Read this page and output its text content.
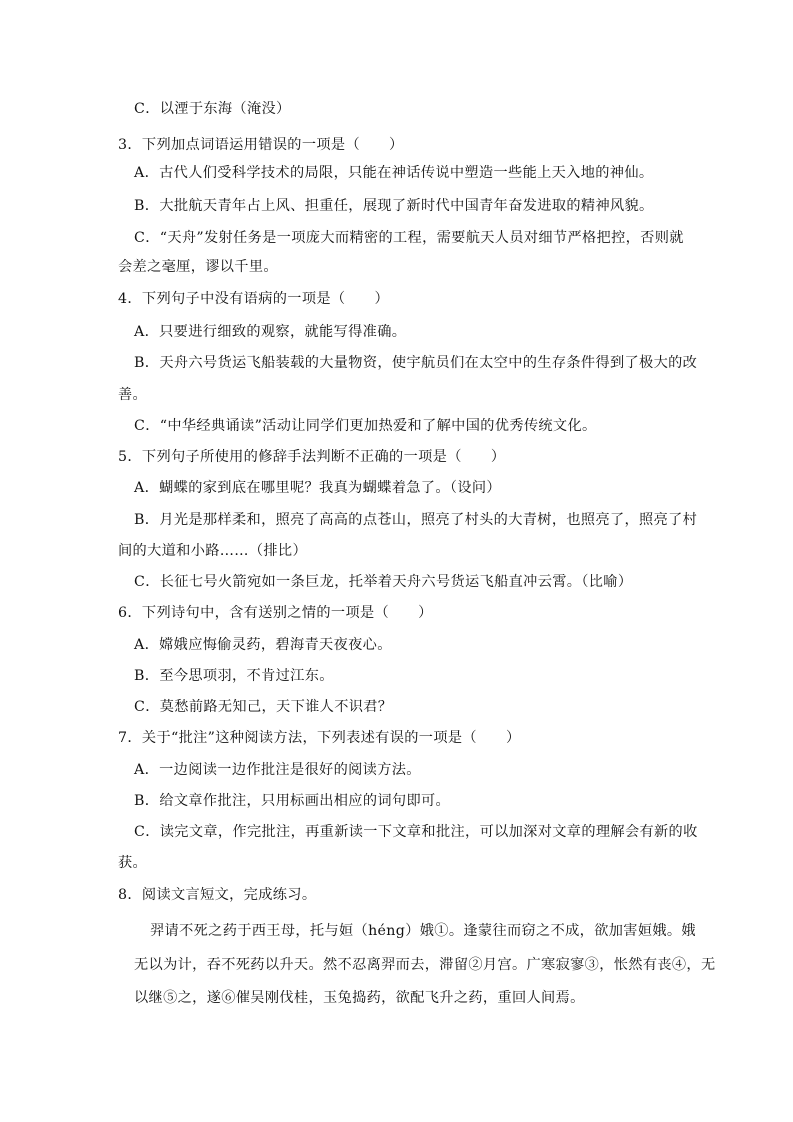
C．以湮于东海（淹没）
3．下列加点词语运用错误的一项是（　　）
A．古代人们受科学技术的局限，只能在神话传说中塑造一些能上天入地的神仙。
B．大批航天青年占上风、担重任，展现了新时代中国青年奋发进取的精神风貌。
C．“天舟”发射任务是一项庞大而精密的工程，需要航天人员对细节严格把控，否则就
会差之毫厘，谬以千里。
4．下列句子中没有语病的一项是（　　）
A．只要进行细致的观察，就能写得准确。
B．天舟六号货运飞船装载的大量物资，使宇航员们在太空中的生存条件得到了极大的改
善。
C．“中华经典诵读”活动让同学们更加热爱和了解中国的优秀传统文化。
5．下列句子所使用的修辞手法判断不正确的一项是（　　）
A．蝴蝶的家到底在哪里呢？我真为蝴蝶着急了。（设问）
B．月光是那样柔和，照亮了高高的点苍山，照亮了村头的大青树，也照亮了，照亮了村
间的大道和小路……（排比）
C．长征七号火箭宛如一条巨龙，托举着天舟六号货运飞船直冲云霄。（比喻）
6．下列诗句中，含有送别之情的一项是（　　）
A．嫦娥应悔偷灵药，碧海青天夜夜心。
B．至今思项羽，不肯过江东。
C．莫愁前路无知己，天下谁人不识君？
7．关于“批注”这种阅读方法，下列表述有误的一项是（　　）
A．一边阅读一边作批注是很好的阅读方法。
B．给文章作批注，只用标画出相应的词句即可。
C．读完文章，作完批注，再重新读一下文章和批注，可以加深对文章的理解会有新的收
获。
8．阅读文言短文，完成练习。
羿请不死之药于西王母，托与姮（héng）娥①。逢蒙往而窃之不成，欲加害姮娥。娥
无以为计，吞不死药以升天。然不忍离羿而去，滞留②月宫。广寒寂寥③，怅然有丧④，无
以继⑤之，遂⑥催吴刚伐桂，玉兔捣药，欲配飞升之药，重回人间焉。
